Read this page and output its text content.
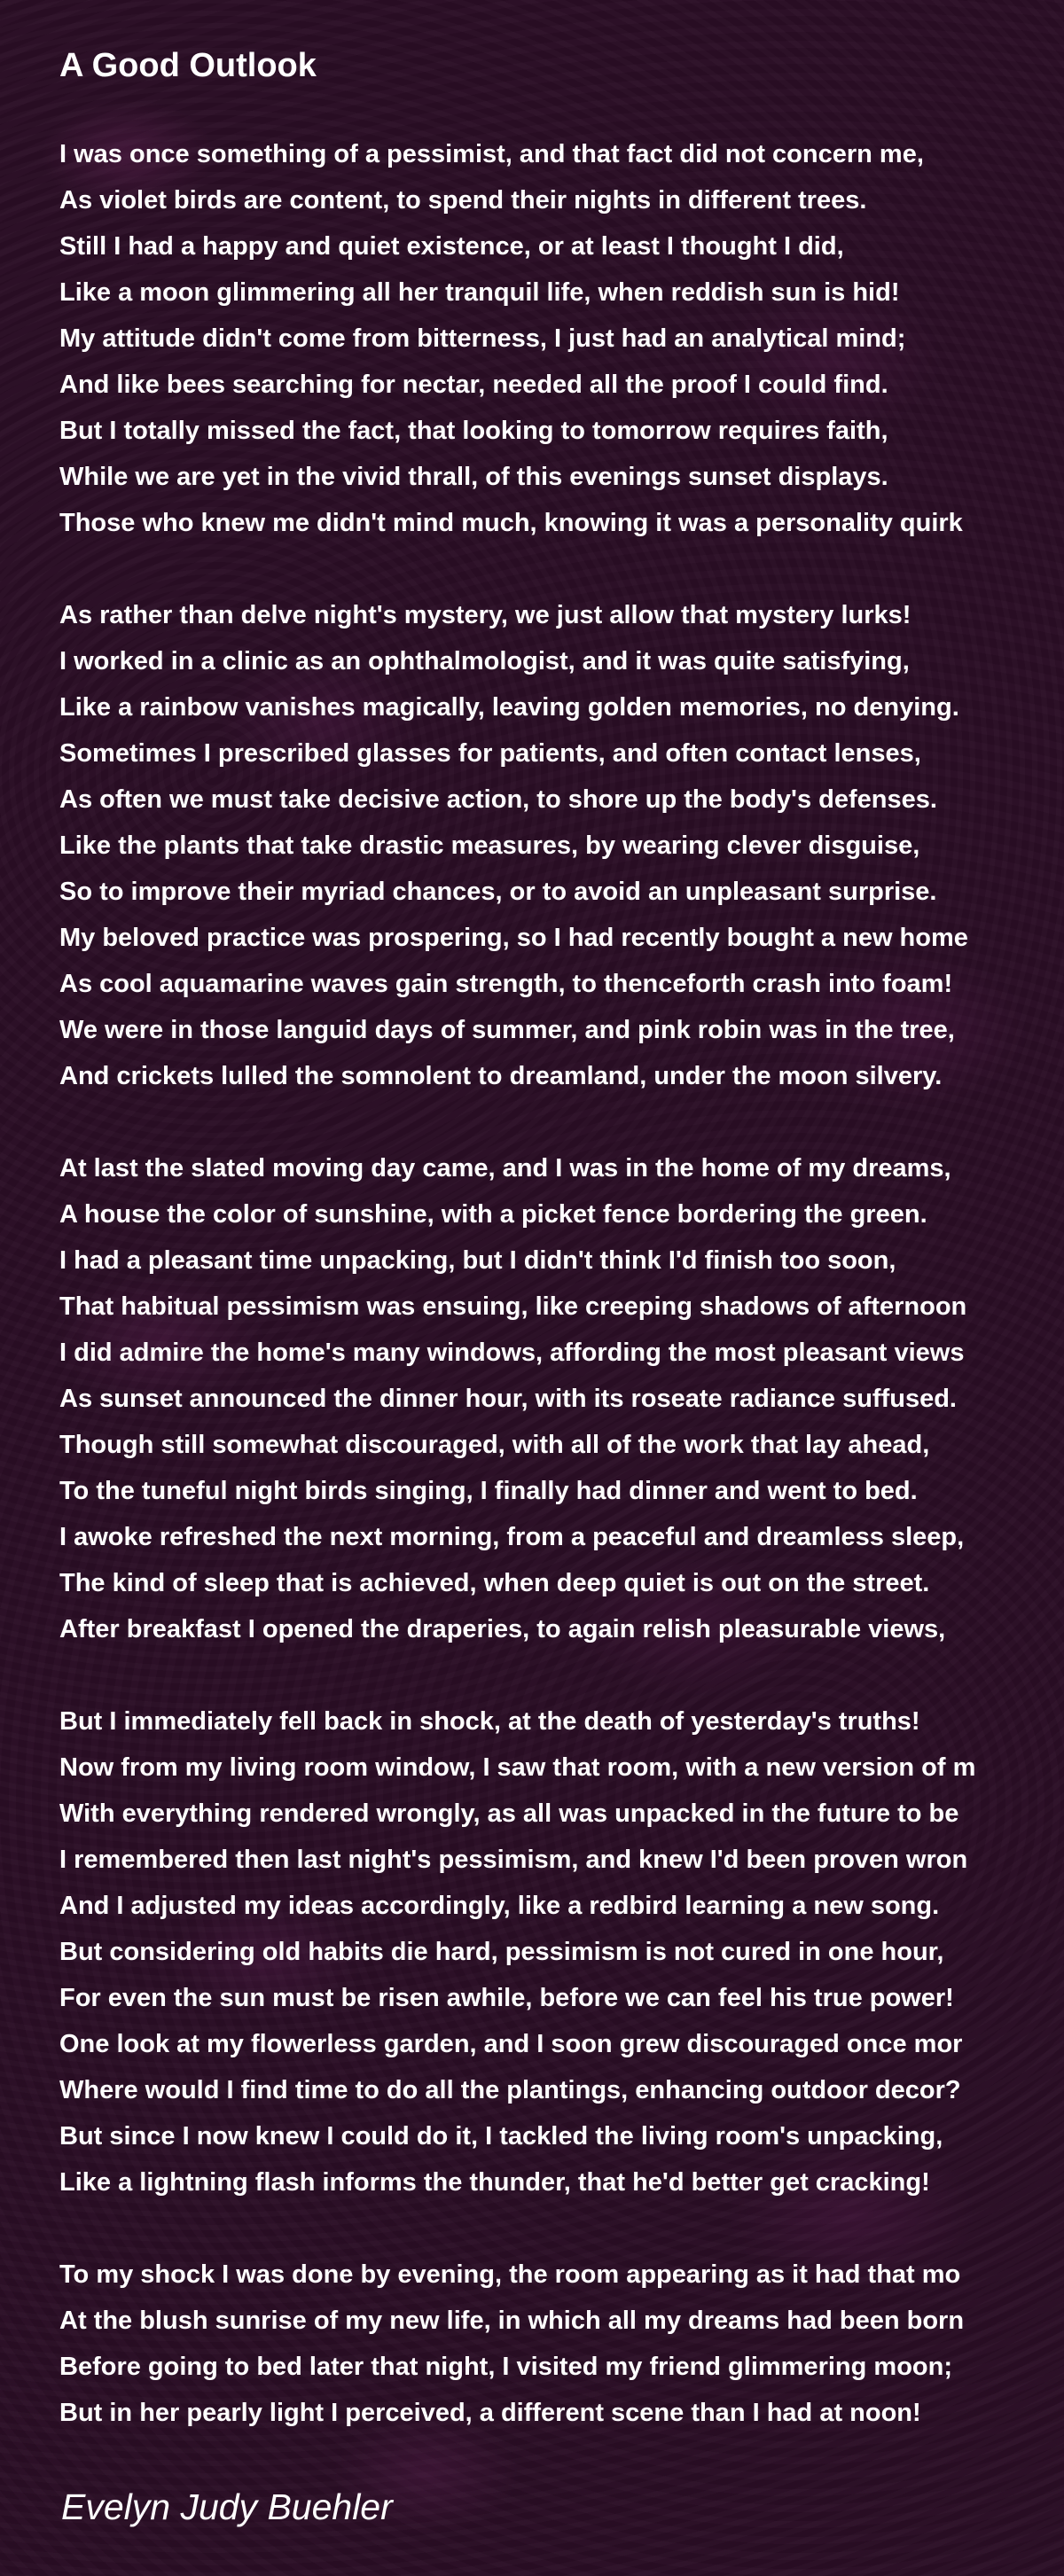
A Good Outlook
I was once something of a pessimist, and that fact did not concern me,
As violet birds are content, to spend their nights in different trees.
Still I had a happy and quiet existence, or at least I thought I did,
Like a moon glimmering all her tranquil life, when reddish sun is hid!
My attitude didn't come from bitterness, I just had an analytical mind;
And like bees searching for nectar, needed all the proof I could find.
But I totally missed the fact, that looking to tomorrow requires faith,
While we are yet in the vivid thrall, of this evenings sunset displays.
Those who knew me didn't mind much, knowing it was a personality quirk
As rather than delve night's mystery, we just allow that mystery lurks!
I worked in a clinic as an ophthalmologist, and it was quite satisfying,
Like a rainbow vanishes magically, leaving golden memories, no denying.
Sometimes I prescribed glasses for patients, and often contact lenses,
As often we must take decisive action, to shore up the body's defenses.
Like the plants that take drastic measures, by wearing clever disguise,
So to improve their myriad chances, or to avoid an unpleasant surprise.
My beloved practice was prospering, so I had recently bought a new home
As cool aquamarine waves gain strength, to thenceforth crash into foam!
We were in those languid days of summer, and pink robin was in the tree,
And crickets lulled the somnolent to dreamland, under the moon silvery.
At last the slated moving day came, and I was in the home of my dreams,
A house the color of sunshine, with a picket fence bordering the green.
I had a pleasant time unpacking, but I didn't think I'd finish too soon,
That habitual pessimism was ensuing, like creeping shadows of afternoon
I did admire the home's many windows, affording the most pleasant views
As sunset announced the dinner hour, with its roseate radiance suffused.
Though still somewhat discouraged, with all of the work that lay ahead,
To the tuneful night birds singing, I finally had dinner and went to bed.
I awoke refreshed the next morning, from a peaceful and dreamless sleep,
The kind of sleep that is achieved, when deep quiet is out on the street.
After breakfast I opened the draperies, to again relish pleasurable views,
But I immediately fell back in shock, at the death of yesterday's truths!
Now from my living room window, I saw that room, with a new version of m
With everything rendered wrongly, as all was unpacked in the future to be
I remembered then last night's pessimism, and knew I'd been proven wron
And I adjusted my ideas accordingly, like a redbird learning a new song.
But considering old habits die hard, pessimism is not cured in one hour,
For even the sun must be risen awhile, before we can feel his true power!
One look at my flowerless garden, and I soon grew discouraged once mor
Where would I find time to do all the plantings, enhancing outdoor decor?
But since I now knew I could do it, I tackled the living room's unpacking,
Like a lightning flash informs the thunder, that he'd better get cracking!
To my shock I was done by evening, the room appearing as it had that mo
At the blush sunrise of my new life, in which all my dreams had been born
Before going to bed later that night, I visited my friend glimmering moon;
But in her pearly light I perceived, a different scene than I had at noon!

Evelyn Judy Buehler
